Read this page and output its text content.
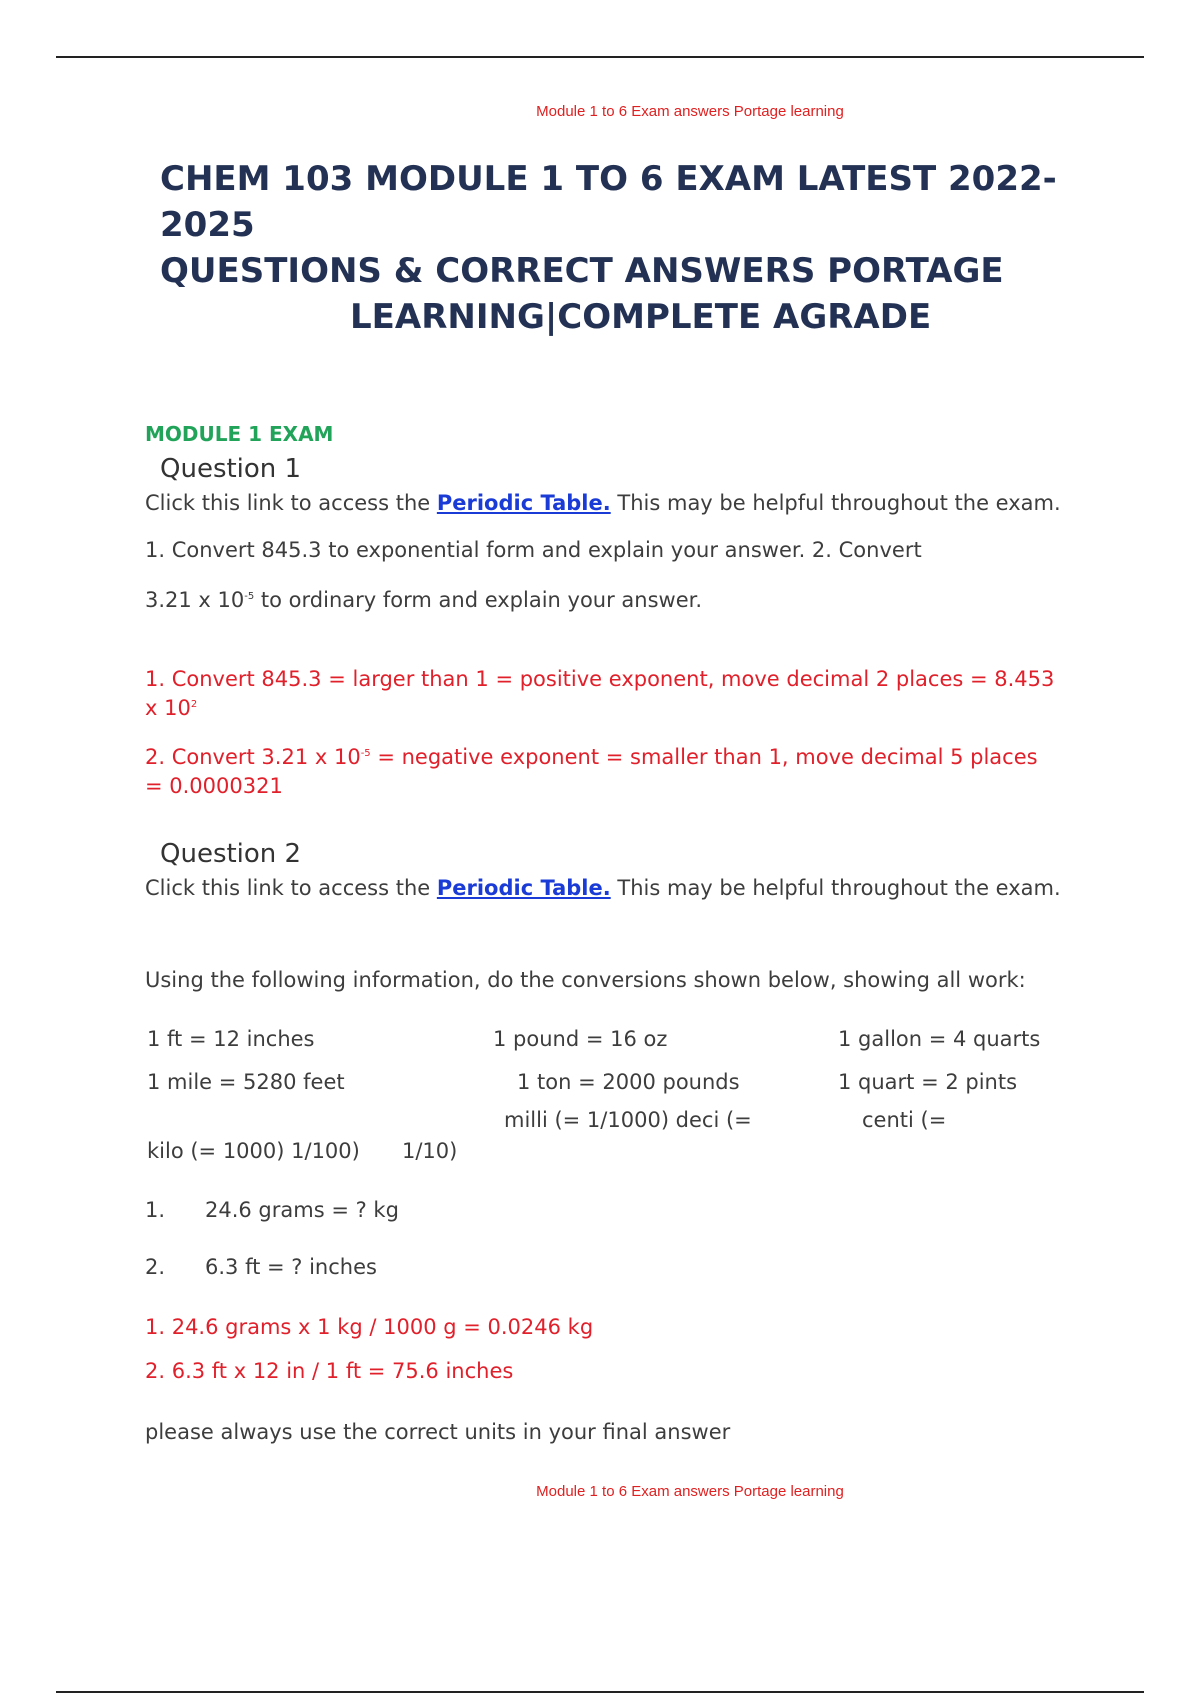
Module 1 to 6 Exam answers Portage learning
CHEM 103 MODULE 1 TO 6 EXAM LATEST 2022-2025
QUESTIONS & CORRECT ANSWERS PORTAGE
LEARNING|COMPLETE AGRADE
MODULE 1 EXAM
Question 1
Click this link to access the Periodic Table. This may be helpful throughout the exam.
1. Convert 845.3 to exponential form and explain your answer. 2. Convert
3.21 x $10^{-5}$ to ordinary form and explain your answer.
1. Convert 845.3 = larger than 1 = positive exponent, move decimal 2 places = 8.453
x $10^2$
2. Convert 3.21 x $10^{-5}$ = negative exponent = smaller than 1, move decimal 5 places
= 0.0000321
Question 2
Click this link to access the Periodic Table. This may be helpful throughout the exam.
Using the following information, do the conversions shown below, showing all work:
1 ft = 12 inches	1 pound = 16 oz	1 gallon = 4 quarts
1 mile = 5280 feet	1 ton = 2000 pounds	1 quart = 2 pints
milli (= 1/1000) deci (=	centi (=
kilo (= 1000) 1/100) 1/10)
1. 24.6 grams = ? kg
2. 6.3 ft = ? inches
1. 24.6 grams x 1 kg / 1000 g = 0.0246 kg
2. 6.3 ft x 12 in / 1 ft = 75.6 inches
please always use the correct units in your final answer
Module 1 to 6 Exam answers Portage learning
